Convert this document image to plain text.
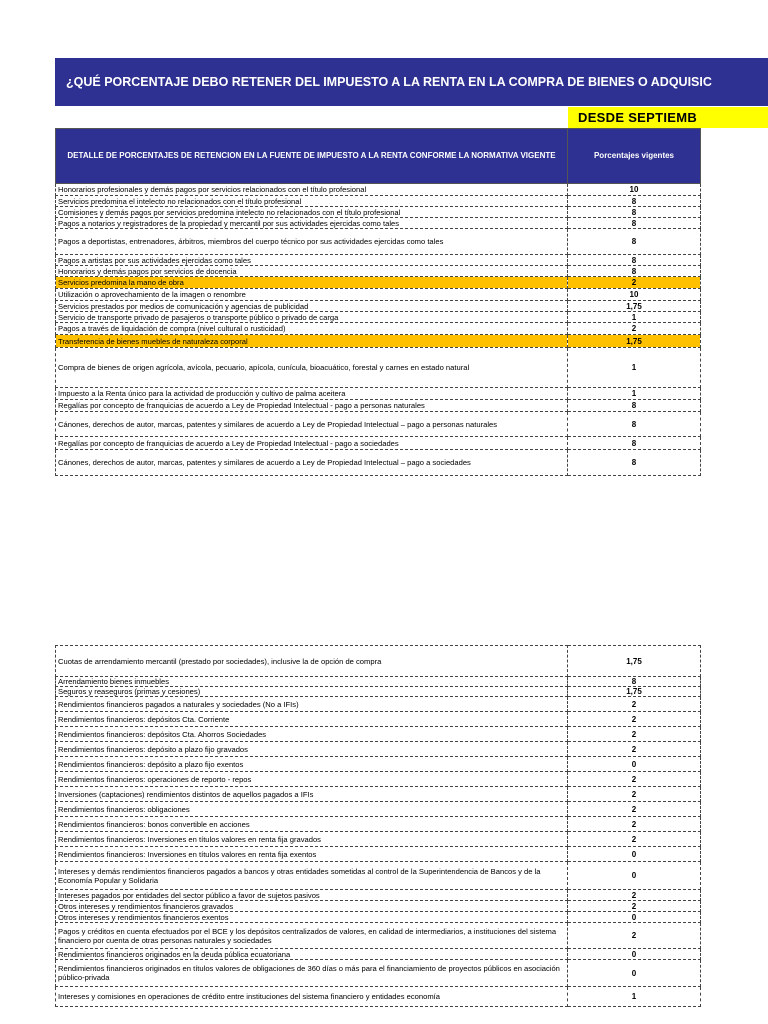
¿QUÉ PORCENTAJE DEBO RETENER DEL IMPUESTO A LA RENTA EN LA COMPRA DE BIENES O ADQUISIC
DESDE SEPTIEMB
DETALLE DE PORCENTAJES DE RETENCION EN LA FUENTE DE IMPUESTO A LA RENTA CONFORME LA NORMATIVA VIGENTE	Porcentajes vigentes
Honorarios profesionales y demás pagos por servicios relacionados con el título profesional	10
Servicios predomina el intelecto no relacionados con el título profesional	8
Comisiones y demás pagos por servicios predomina intelecto no relacionados con el título profesional	8
Pagos a notarios y registradores de la propiedad y mercantil por sus actividades ejercidas como tales	8
Pagos a deportistas, entrenadores, árbitros, miembros del cuerpo técnico por sus actividades ejercidas como tales	8
Pagos a artistas por sus actividades ejercidas como tales	8
Honorarios y demás pagos por servicios de docencia	8
Servicios predomina la mano de obra	2
Utilización o aprovechamiento de la imagen o renombre	10
Servicios prestados por medios de comunicación y agencias de publicidad	1,75
Servicio de transporte privado de pasajeros o transporte público o privado de carga	1
Pagos a través de liquidación de compra (nivel cultural o rusticidad)	2
Transferencia de bienes muebles de naturaleza corporal	1,75
Compra de bienes de origen agrícola, avícola, pecuario, apícola, cunícula, bioacuático, forestal y carnes en estado natural	1
Impuesto a la Renta único para la actividad de producción y cultivo de palma aceitera	1
Regalías por concepto de franquicias de acuerdo a Ley de Propiedad Intelectual - pago a personas naturales	8
Cánones, derechos de autor, marcas, patentes y similares de acuerdo a Ley de Propiedad Intelectual – pago a personas naturales	8
Regalías por concepto de franquicias de acuerdo a Ley de Propiedad Intelectual - pago a sociedades	8
Cánones, derechos de autor, marcas, patentes y similares de acuerdo a Ley de Propiedad Intelectual – pago a sociedades	8
Cuotas de arrendamiento mercantil (prestado por sociedades), inclusive la de opción de compra	1,75
Arrendamiento bienes inmuebles	8
Seguros y reaseguros (primas y cesiones)	1,75
Rendimientos financieros pagados a naturales y sociedades (No a IFIs)	2
Rendimientos financieros: depósitos Cta. Corriente	2
Rendimientos financieros: depósitos Cta. Ahorros Sociedades	2
Rendimientos financieros: depósito a plazo fijo gravados	2
Rendimientos financieros: depósito a plazo fijo exentos	0
Rendimientos financieros: operaciones de reporto - repos	2
Inversiones (captaciones) rendimientos distintos de aquellos pagados a IFIs	2
Rendimientos financieros: obligaciones	2
Rendimientos financieros: bonos convertible en acciones	2
Rendimientos financieros: Inversiones en títulos valores en renta fija gravados	2
Rendimientos financieros: Inversiones en títulos valores en renta fija exentos	0
Intereses y demás rendimientos financieros pagados a bancos y otras entidades sometidas al control de la Superintendencia de Bancos y de la Economía Popular y Solidaria	0
Intereses pagados por entidades del sector público a favor de sujetos pasivos	2
Otros intereses y rendimientos financieros gravados	2
Otros intereses y rendimientos financieros exentos	0
Pagos y créditos en cuenta efectuados por el BCE y los depósitos centralizados de valores, en calidad de intermediarios, a instituciones del sistema financiero por cuenta de otras personas naturales y sociedades	2
Rendimientos financieros originados en la deuda pública ecuatoriana	0
Rendimientos financieros originados en títulos valores de obligaciones de 360 días o más para el financiamiento de proyectos públicos en asociación público-privada	0
Intereses y comisiones en operaciones de crédito entre instituciones del sistema financiero y entidades economía	1
